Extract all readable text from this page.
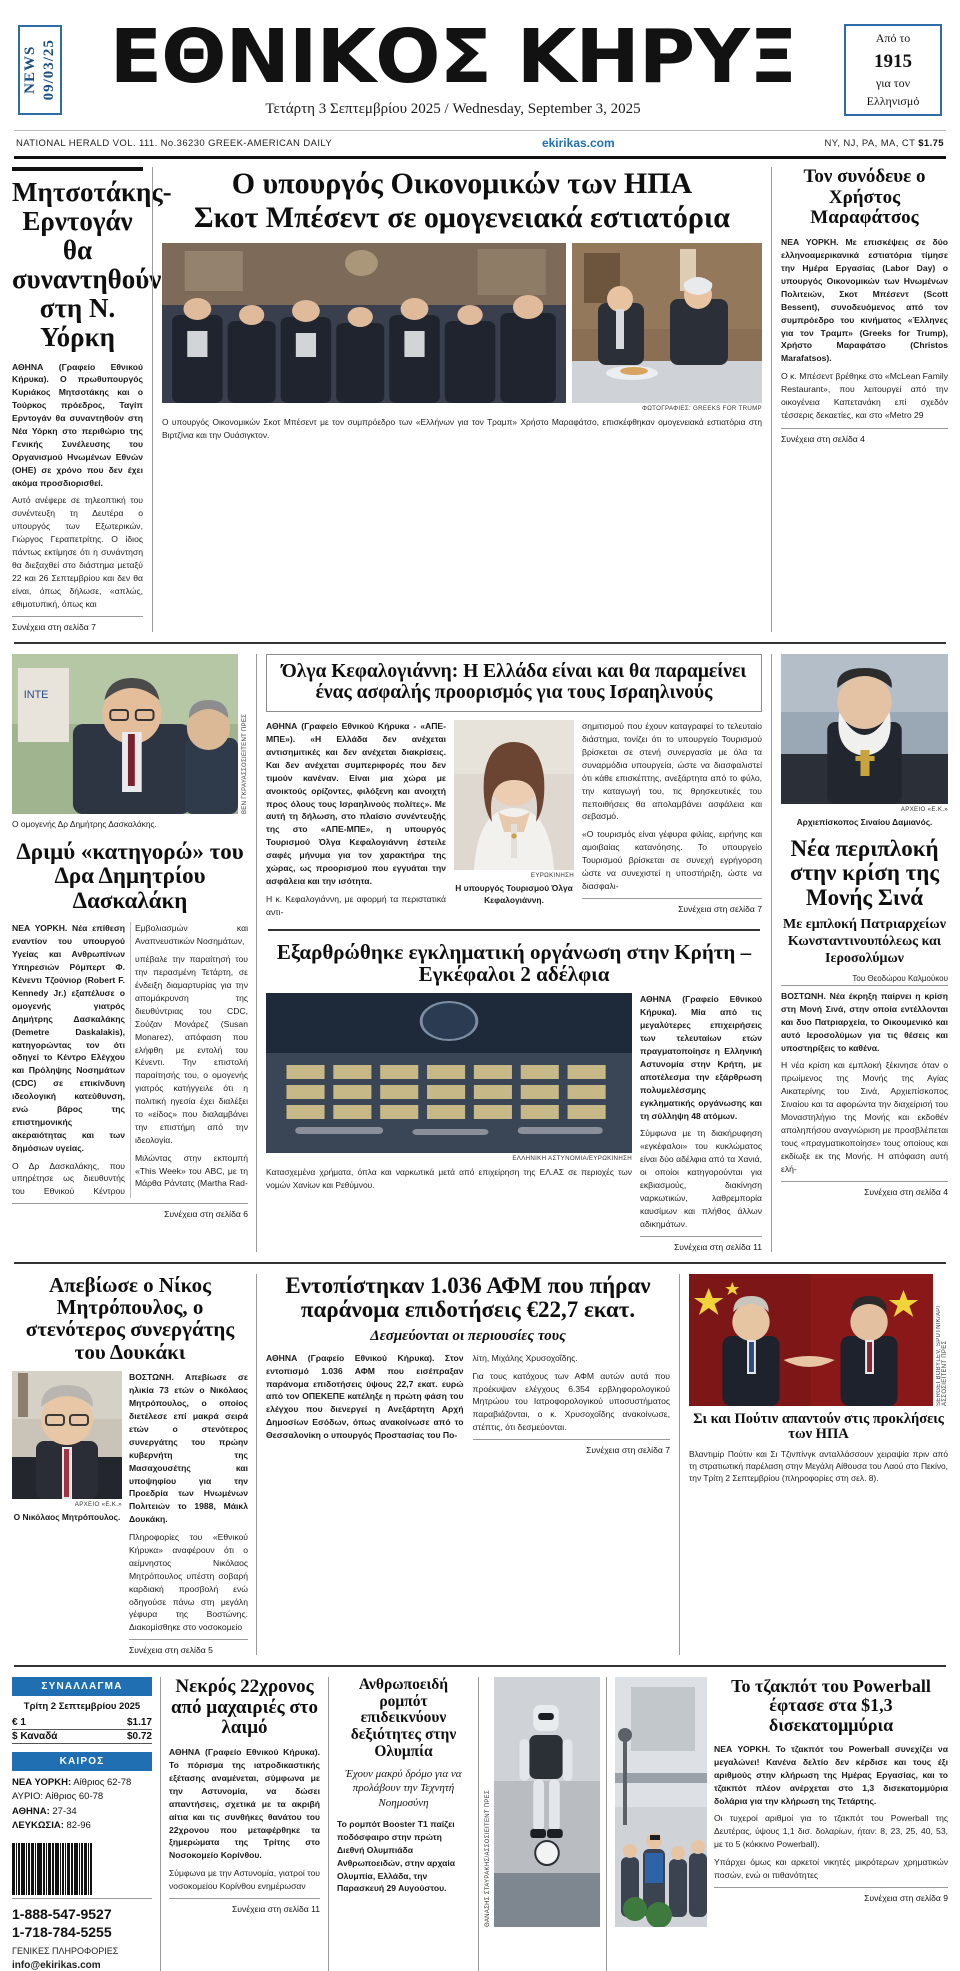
NEWS 09/03/25 ΕΘΝΙΚΟΣ ΚΗΡΥΞ
Τετάρτη 3 Σεπτεμβρίου 2025 / Wednesday, September 3, 2025
Από το
1915
για τον
Ελληνισμό
NATIONAL HERALD VOL. 111. No.36230 GREEK-AMERICAN DAILY	ekirikas.com	NY, NJ, PA, MA, CT $1.75
Μητσοτάκης-Ερντογάν θα συναντηθούν στη Ν. Υόρκη
ΑΘΗΝΑ (Γραφείο Εθνικού Κήρυκα). Ο πρωθυπουργός Κυριάκος Μητσοτάκης και ο Τούρκος πρόεδρος, Ταγίπ Ερντογάν θα συναντηθούν στη Νέα Υόρκη στο περιθώριο της Γενικής Συνέλευσης του Οργανισμού Ηνωμένων Εθνών (ΟΗΕ) σε χρόνο που δεν έχει ακόμα προσδιορισθεί.
Αυτό ανέφερε σε τηλεοπτική του συνέντευξη τη Δευτέρα ο υπουργός των Εξωτερικών, Γιώργος Γεραπετρίτης. Ο ίδιος πάντως εκτίμησε ότι η συνάντηση θα διεξαχθεί στο διάστημα μεταξύ 22 και 26 Σεπτεμβρίου και δεν θα είναι, όπως δήλωσε, «απλώς, εθιμοτυπική, όπως και
Συνέχεια στη σελίδα 7
Ο υπουργός Οικονομικών των ΗΠΑ
Σκοτ Μπέσεντ σε ομογενειακά εστιατόρια
ΦΩΤΟΓΡΑΦΙΕΣ: GREEKS FOR TRUMP
Ο υπουργός Οικονομικών Σκοτ Μπέσεντ με τον συμπρόεδρο των «Ελλήνων για τον Τραμπ» Χρήστο Μαραφάτσο, επισκέφθηκαν ομογενειακά εστιατόρια στη Βιρτζίνια και την Ουάσιγκτον.
Τον συνόδευε ο Χρήστος Μαραφάτσος
ΝΕΑ ΥΟΡΚΗ. Με επισκέψεις σε δύο ελληνοαμερικανικά εστιατόρια τίμησε την Ημέρα Εργασίας (Labor Day) ο υπουργός Οικονομικών των Ηνωμένων Πολιτειών, Σκοτ Μπέσεντ (Scott Bessent), συνοδευόμενος από τον συμπρόεδρο του κινήματος «Έλληνες για τον Τραμπ» (Greeks for Trump), Χρήστο Μαραφάτσο (Christos Marafatsos).
Ο κ. Μπέσεντ βρέθηκε στο «McLean Family Restaurant», που λειτουργεί από την οικογένεια Καπετανάκη επί σχεδόν τέσσερις δεκαετίες, και στο «Metro 29
Συνέχεια στη σελίδα 4
INTE
ΒΕΝ ΓΚΡΑΥΑΣΣΟΣΙΕΪΤΕΝΤ ΠΡΕΣ
Ο ομογενής Δρ Δημήτρης Δασκαλάκης.
Δριμύ «κατηγορώ» του Δρα Δημητρίου Δασκαλάκη
ΝΕΑ ΥΟΡΚΗ. Νέα επίθεση εναντίον του υπουργού Υγείας και Ανθρωπίνων Υπηρεσιών Ρόμπερτ Φ. Κένεντι Τζούνιορ (Robert F. Kennedy Jr.) εξαπέλυσε ο ομογενής γιατρός Δημήτρης Δασκαλάκης (Demetre Daskalakis), κατηγορώντας τον ότι οδηγεί το Κέντρο Ελέγχου και Πρόληψης Νοσημάτων (CDC) σε επικίνδυνη ιδεολογική κατεύθυνση, ενώ βάρος της επιστημονικής ακεραιότητας και των δημόσιων υγείας.
Ο Δρ Δασκαλάκης, που υπηρέτησε ως διευθυντής του Εθνικού Κέντρου Εμβολιασμών και Αναπνευστικών Νοσημάτων,
υπέβαλε την παραίτησή του την περασμένη Τετάρτη, σε ένδειξη διαμαρτυρίας για την απομάκρυνση της διευθύντριας του CDC, Σούζαν Μονάρεζ (Susan Monarez), απόφαση που ελήφθη με εντολή του Κένεντι. Την επιστολή παραίτησής του, ο ομογενής γιατρός κατήγγειλε ότι η πολιτική ηγεσία έχει διαλέξει το «είδος» που διαλαμβάνει την επιστήμη από την ιδεολογία.
Μιλώντας στην εκπομπή «This Week» του ABC, με τη Μάρθα Ράντατς (Martha Rad-
Συνέχεια στη σελίδα 6
Όλγα Κεφαλογιάννη: Η Ελλάδα είναι και θα παραμείνει ένας ασφαλής προορισμός για τους Ισραηλινούς
ΑΘΗΝΑ (Γραφείο Εθνικού Κήρυκα - «ΑΠΕ-ΜΠΕ»). «Η Ελλάδα δεν ανέχεται αντισημιτικές και δεν ανέχεται διακρίσεις. Και δεν ανέχεται συμπεριφορές που δεν τιμούν κανέναν. Είναι μια χώρα με ανοικτούς ορίζοντες, φιλόξενη και ανοιχτή προς όλους τους Ισραηλινούς πολίτες». Με αυτή τη δήλωση, στο πλαίσιο συνέντευξής της στο «ΑΠΕ-ΜΠΕ», η υπουργός Τουρισμού Όλγα Κεφαλογιάννη έστειλε σαφές μήνυμα για τον χαρακτήρα της χώρας, ως προορισμού που εγγυάται την ασφάλεια και την ισότητα.
Η κ. Κεφαλογιάννη, με αφορμή τα περιστατικά αντι-
ΕΥΡΩΚΙΝΗΣΗ
Η υπουργός Τουρισμού Όλγα Κεφαλογιάννη.
σημιτισμού που έχουν καταγραφεί το τελευταίο διάστημα, τονίζει ότι το υπουργείο Τουρισμού βρίσκεται σε στενή συνεργασία με όλα τα συναρμόδια υπουργεία, ώστε να διασφαλιστεί ότι κάθε επισκέπτης, ανεξάρτητα από το φύλο, την καταγωγή του, τις θρησκευτικές του πεποιθήσεις θα απολαμβάνει ασφάλεια και σεβασμό.
«Ο τουρισμός είναι γέφυρα φιλίας, ειρήνης και αμοιβαίας κατανόησης. Το υπουργείο Τουρισμού βρίσκεται σε συνεχή εγρήγορση ώστε να συνεχιστεί η υποστήριξη, ώστε να διασφαλι-
Συνέχεια στη σελίδα 7
Εξαρθρώθηκε εγκληματική οργάνωση στην Κρήτη – Εγκέφαλοι 2 αδέλφια
ΕΛΛΗΝΙΚΗ ΑΣΤΥΝΟΜΙΑ/ΕΥΡΩΚΙΝΗΣΗ
Κατασχεμένα χρήματα, όπλα και ναρκωτικά μετά από επιχείρηση της ΕΛ.ΑΣ σε περιοχές των νομών Χανίων και Ρεθύμνου.
ΑΘΗΝΑ (Γραφείο Εθνικού Κήρυκα). Μία από τις μεγαλύτερες επιχειρήσεις των τελευταίων ετών πραγματοποίησε η Ελληνική Αστυνομία στην Κρήτη, με αποτέλεσμα την εξάρθρωση πολυμελέσσμης εγκληματικής οργάνωσης και τη σύλληψη 48 ατόμων.
Σύμφωνα με τη διακήρυφηση «εγκέφαλοι» του κυκλώματος είναι δύο αδέλφια από τα Χανιά, οι οποίοι κατηγορούνται για εκβιασμούς, διακίνηση ναρκωτικών, λαθρεμπορία καυσίμων και πλήθος άλλων αδικημάτων.
Συνέχεια στη σελίδα 11
ΑΡΧΕΙΟ «Ε.Κ.»
Αρχιεπίσκοπος Σιναίου Δαμιανός.
Νέα περιπλοκή στην κρίση της Μονής Σινά
Με εμπλοκή Πατριαρχείων Κωνσταντινουπόλεως και Ιεροσολύμων
Του Θεοδώρου Καλμούκου
ΒΟΣΤΩΝΗ. Νέα έκρηξη παίρνει η κρίση στη Μονή Σινά, στην οποία εντέλλονται και δυο Πατριαρχεία, το Οικουμενικό και αυτό Ιεροσολύμων για τις θέσεις και υποστηρίξεις το καθένα.
Η νέα κρίση και εμπλοκή ξέκινησε όταν ο πρωίμενος της Μονής της Αγίας Αικατερίνης του Σινά, Αρχιεπίσκοπος Σιναίου και τα αφορώντα την διαχείρισή του Μοναστηλήγιο της Μονής και εκδοθέν αποληπήσου αναγνώριση με προσβλέπεται τους «πραγματικοποίησε» τους οποίους και εκδίωξε εκ της Μονής. Η απόφαση αυτή ελή-
Συνέχεια στη σελίδα 4
Απεβίωσε ο Νίκος Μητρόπουλος, ο στενότερος συνεργάτης του Δουκάκι
ΑΡΧΕΙΟ «Ε.Κ.»
Ο Νικόλαος Μητρόπουλος.
ΒΟΣΤΩΝΗ. Απεβίωσε σε ηλικία 73 ετών ο Νικόλαος Μητρόπουλος, ο οποίος διετέλεσε επί μακρά σειρά ετών ο στενότερος συνεργάτης του πρώην κυβερνήτη της Μασαχουσέτης και υποψηφίου για την Προεδρία των Ηνωμένων Πολιτειών το 1988, Μάικλ Δουκάκη.
Πληροφορίες του «Εθνικού Κήρυκα» αναφέρουν ότι ο αείμνηστος Νικόλαος Μητρόπουλος υπέστη σοβαρή καρδιακή προσβολή ενώ οδηγούσε πάνω στη μεγάλη γέφυρα της Βοστώνης. Διακομίσθηκε στο νοσοκομείο
Συνέχεια στη σελίδα 5
Εντοπίστηκαν 1.036 ΑΦΜ που πήραν παράνομα επιδοτήσεις €22,7 εκατ.
Δεσμεύονται οι περιουσίες τους
ΑΘΗΝΑ (Γραφείο Εθνικού Κήρυκα). Στον εντοπισμό 1.036 ΑΦΜ που εισέπραξαν παράνομα επιδοτήσεις ύψους 22,7 εκατ. ευρώ από τον ΟΠΕΚΕΠΕ κατέληξε η πρώτη φάση του ελέγχου που διενεργεί η Ανεξάρτητη Αρχή Δημοσίων Εσόδων, όπως ανακοίνωσε από το Θεσσαλονίκη ο υπουργός Προστασίας του Πο-
λίτη, Μιχάλης Χρυσοχοΐδης.
Για τους κατόχους των ΑΦΜ αυτών αυτά που προέκυψαν ελέγχους 6.354 ερβληφορολογικού Μητρώου του Ιατροφορολογικού υποσυστήματος παραβιάζονται, ο κ. Χρυσοχοΐδης ανακοίνωσε, στέπτις, ότι δεσμεύονται.
Συνέχεια στη σελίδα 7
SERGEI BOBYLEV, SPUTNIK/AP/ΑΣΣΟΣΙΕΪΤΕΝΤ ΠΡΕΣ
Σι και Πούτιν απαντούν στις προκλήσεις των ΗΠΑ
Βλαντιμίρ Πούτιν και Σι Τζινπίνγκ ανταλλάσσουν χειραψία πριν από τη στρατιωτική παρέλαση στην Μεγάλη Αίθουσα του Λαού στο Πεκίνο, την Τρίτη 2 Σεπτεμβρίου (πληροφορίες στη σελ. 8).
ΣΥΝΑΛΛΑΓΜΑ
Τρίτη 2 Σεπτεμβρίου 2025
€ 1	$1.17
$ Καναδά	$0.72
ΚΑΙΡΟΣ
ΝΕΑ ΥΟΡΚΗ: Αίθριος 62-78
ΑΥΡΙΟ: Αίθριος 60-78
ΑΘΗΝΑ: 27-34
ΛΕΥΚΩΣΙΑ: 82-96
1-888-547-9527
1-718-784-5255
ΓΕΝΙΚΕΣ ΠΛΗΡΟΦΟΡΙΕΣ
info@ekirikas.com
Νεκρός 22χρονος από μαχαιριές στο λαιμό
ΑΘΗΝΑ (Γραφείο Εθνικού Κήρυκα). Το πόρισμα της ιατροδικαστικής εξέτασης αναμένεται, σύμφωνα με την Αστυνομία, να δώσει απαντήσεις, σχετικά με τα ακριβή αίτια και τις συνθήκες θανάτου του 22χρονου που μεταφέρθηκε τα ξημερώματα της Τρίτης στο Νοσοκομείο Κορίνθου.
Σύμφωνα με την Αστυνομία, γιατροί του νοσοκομείου Κορίνθου ενημέρωσαν
Συνέχεια στη σελίδα 11
Ανθρωποειδή ρομπότ επιδεικνύουν δεξιότητες στην Ολυμπία
Έχουν μακρύ δρόμο για να προλάβουν την Τεχνητή Νοημοσύνη
Το ρομπότ Booster T1 παίζει ποδόσφαιρο στην πρώτη Διεθνή Ολυμπιάδα Ανθρωποειδών, στην αρχαία Ολυμπία, Ελλάδα, την Παρασκευή 29 Αυγούστου.	ΘΑΝΑΣΗΣ ΣΤΑΥΡΑΚΗΣ/ΑΣΣΟΣΙΕΪΤΕΝΤ ΠΡΕΣ
Το τζακπότ του Powerball έφτασε στα $1,3 δισεκατομμύρια
ΝΕΑ ΥΟΡΚΗ. Το τζακπότ του Powerball συνεχίζει να μεγαλώνει! Κανένα δελτίο δεν κέρδισε και τους έξι αριθμούς στην κλήρωση της Ημέρας Εργασίας, και το τζακπότ πλέον ανέρχεται στο 1,3 δισεκατομμύρια δολάρια για την κλήρωση της Τετάρτης.
Οι τυχεροί αριθμοί για το τζακπότ του Powerball της Δευτέρας, ύψους 1,1 δισ. δολαρίων, ήταν: 8, 23, 25, 40, 53, με το 5 (κόκκινο Powerball).
Υπάρχει όμως και αρκετοί νικητές μικρότερων χρηματικών ποσών, ενώ οι πιθανότητες
Συνέχεια στη σελίδα 9
